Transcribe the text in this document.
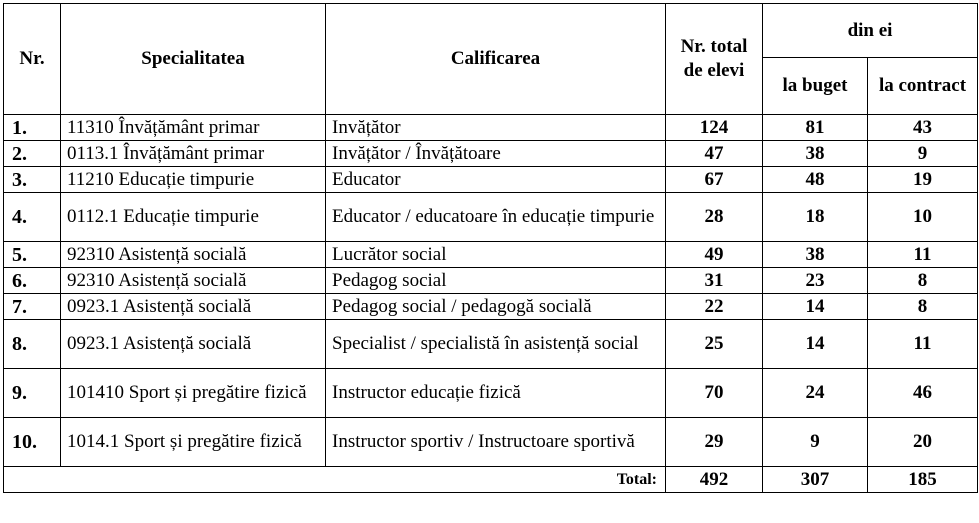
Nr.	Specialitatea	Calificarea	Nr. total de elevi	din ei	
				la buget	la contract
1.	11310 Învățământ primar	Invățător	124	81	43
2.	0113.1 Învățământ primar	Invățător / Învățătoare	47	38	9
3.	11210 Educație timpurie	Educator	67	48	19
4.	0112.1 Educație timpurie	Educator / educatoare în educație timpurie	28	18	10
5.	92310 Asistență socială	Lucrător social	49	38	11
6.	92310 Asistență socială	Pedagog social	31	23	8
7.	0923.1 Asistență socială	Pedagog social / pedagogă socială	22	14	8
8.	0923.1 Asistență socială	Specialist / specialistă în asistență social	25	14	11
9.	101410 Sport și pregătire fizică	Instructor educație fizică	70	24	46
10.	1014.1 Sport și pregătire fizică	Instructor sportiv / Instructoare sportivă	29	9	20
Total:			492	307	185
